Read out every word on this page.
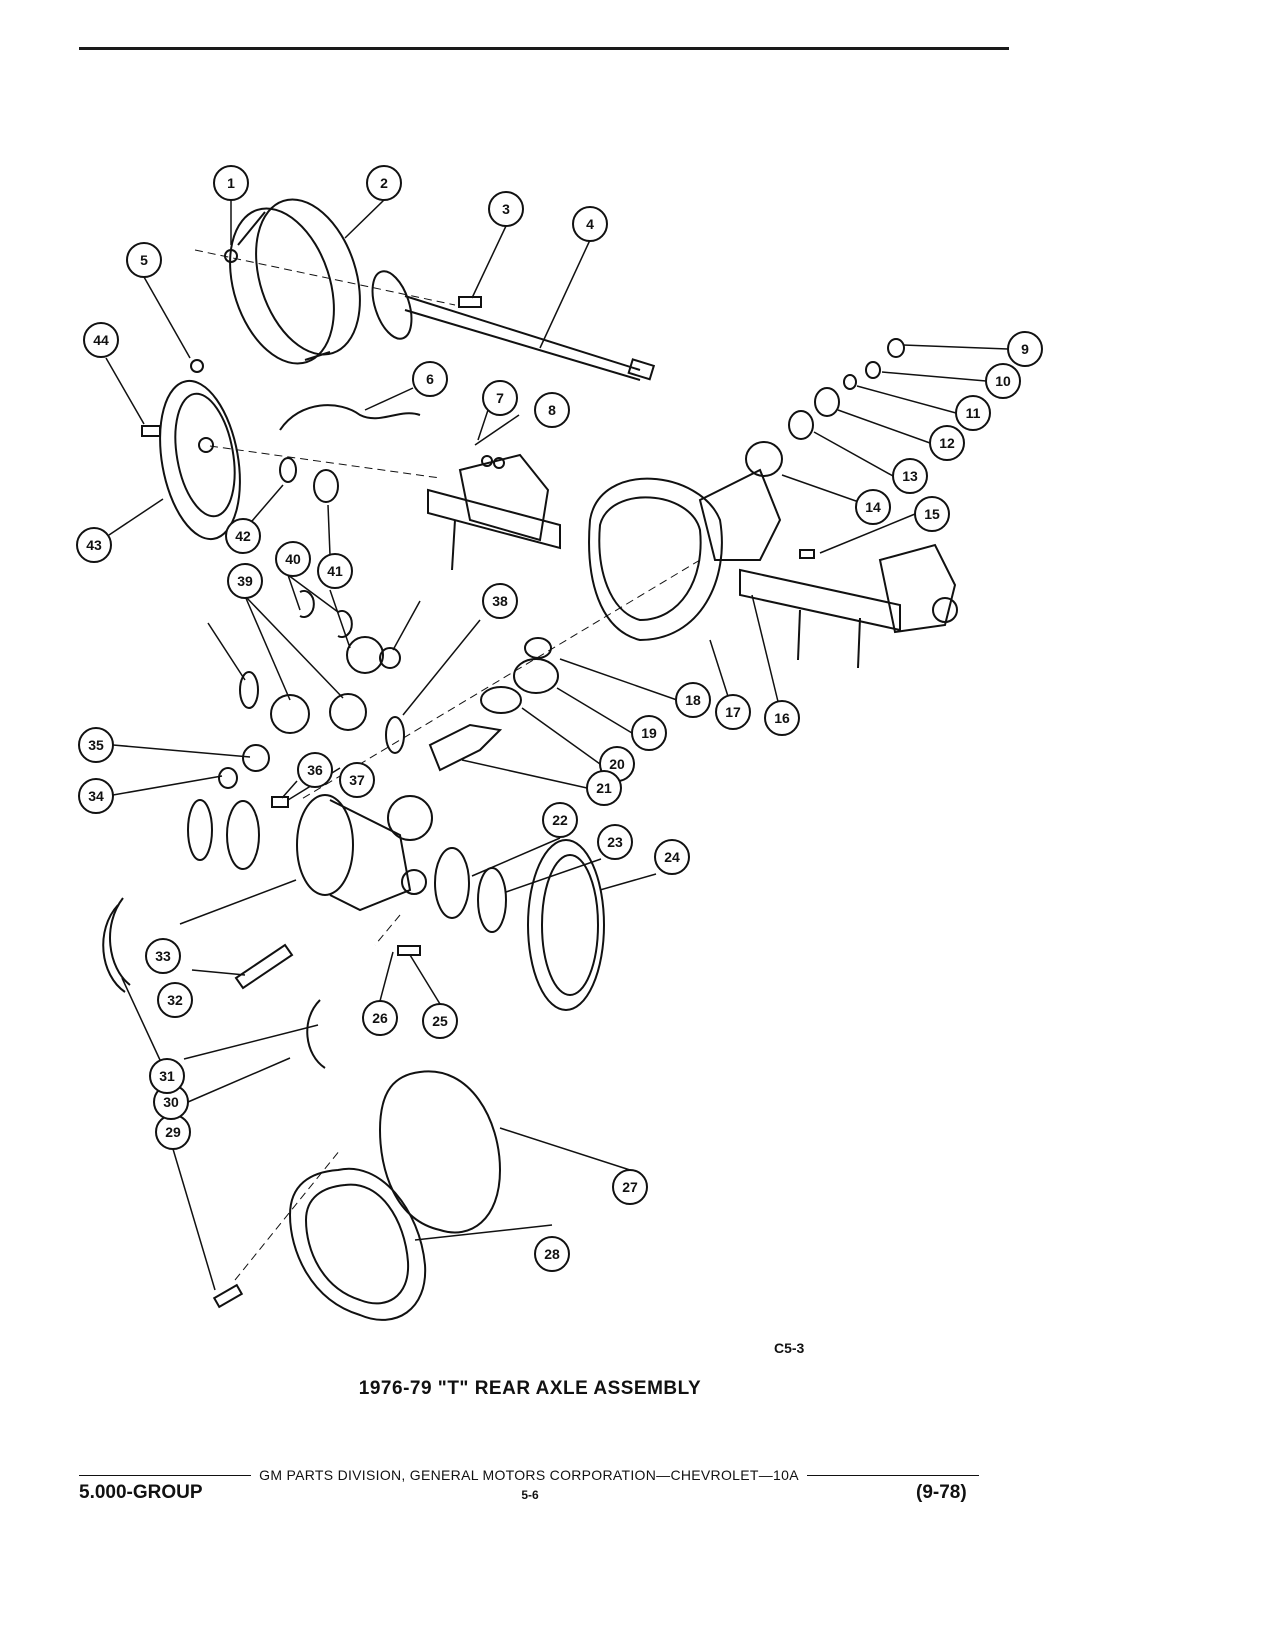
1	2
3
4
5
6
7
8
9
10
11
12
13
14	15
16
17
18
19
20
21
22
23
24
25
26
27
28
29
30
31
32
33
34
35
36
37
38
39
40
41
42
43
44
C5-3
1976-79 "T" REAR AXLE ASSEMBLY
GM PARTS DIVISION, GENERAL MOTORS CORPORATION—CHEVROLET—10A
5.000-GROUP	5-6	(9-78)
